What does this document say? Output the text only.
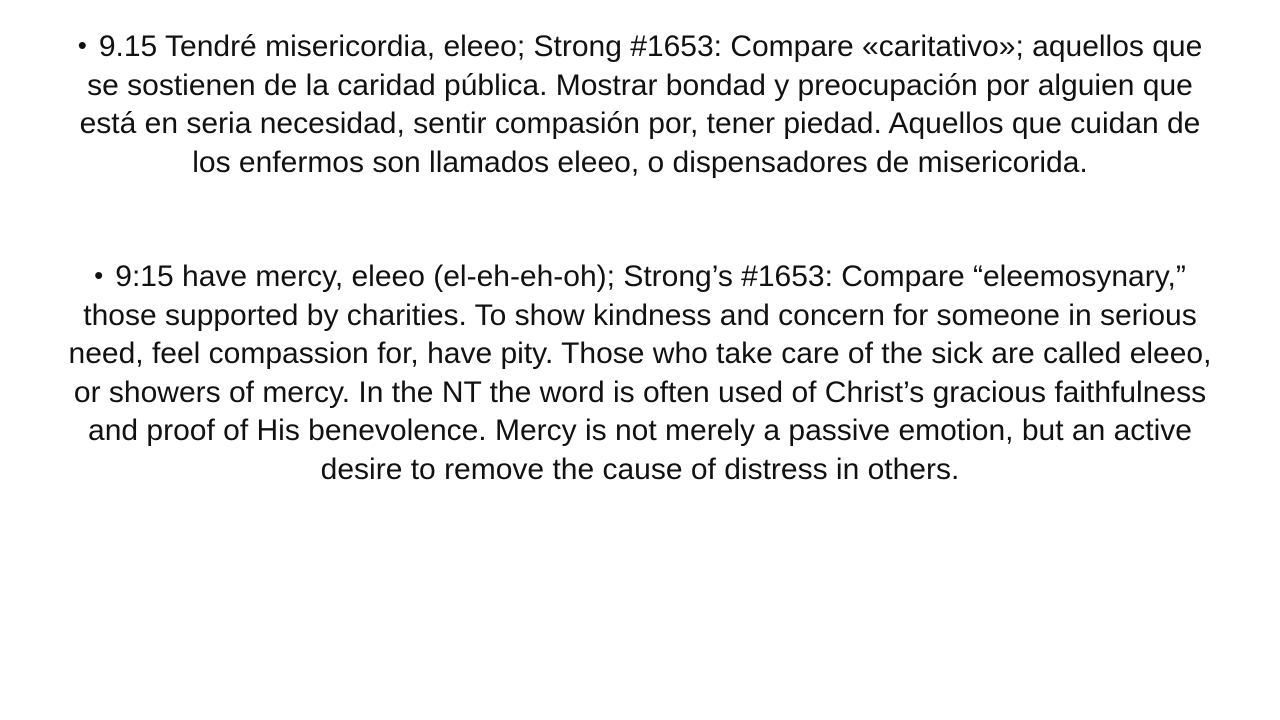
• 9.15 Tendré misericordia, eleeo; Strong #1653: Compare «caritativo»; aquellos que se sostienen de la caridad pública. Mostrar bondad y preocupación por alguien que está en seria necesidad, sentir compasión por, tener piedad. Aquellos que cuidan de los enfermos son llamados eleeo, o dispensadores de misericorida.
• 9:15 have mercy, eleeo (el-eh-eh-oh); Strong’s #1653: Compare “eleemosynary,” those supported by charities. To show kindness and concern for someone in serious need, feel compassion for, have pity. Those who take care of the sick are called eleeo, or showers of mercy. In the NT the word is often used of Christ’s gracious faithfulness and proof of His benevolence. Mercy is not merely a passive emotion, but an active desire to remove the cause of distress in others.
